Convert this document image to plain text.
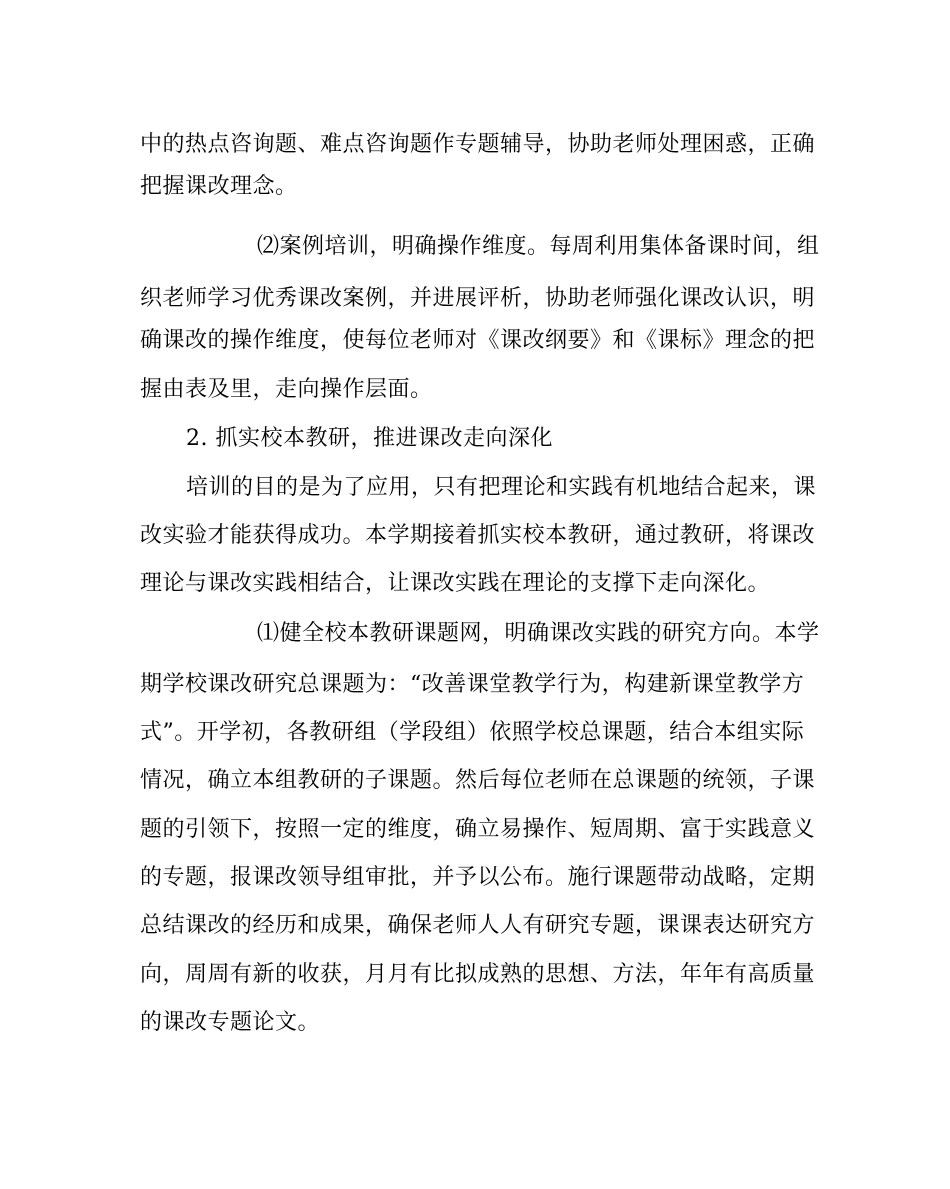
中的热点咨询题、难点咨询题作专题辅导，协助老师处理困惑，正确
把握课改理念。
⑵案例培训，明确操作维度。每周利用集体备课时间，组
织老师学习优秀课改案例，并进展评析，协助老师强化课改认识，明
确课改的操作维度，使每位老师对《课改纲要》和《课标》理念的把
握由表及里，走向操作层面。
2. 抓实校本教研，推进课改走向深化
培训的目的是为了应用，只有把理论和实践有机地结合起来，课
改实验才能获得成功。本学期接着抓实校本教研，通过教研，将课改
理论与课改实践相结合，让课改实践在理论的支撑下走向深化。
⑴健全校本教研课题网，明确课改实践的研究方向。本学
期学校课改研究总课题为：“改善课堂教学行为，构建新课堂教学方
式”。开学初，各教研组（学段组）依照学校总课题，结合本组实际
情况，确立本组教研的子课题。然后每位老师在总课题的统领，子课
题的引领下，按照一定的维度，确立易操作、短周期、富于实践意义
的专题，报课改领导组审批，并予以公布。施行课题带动战略，定期
总结课改的经历和成果，确保老师人人有研究专题，课课表达研究方
向，周周有新的收获，月月有比拟成熟的思想、方法，年年有高质量
的课改专题论文。
